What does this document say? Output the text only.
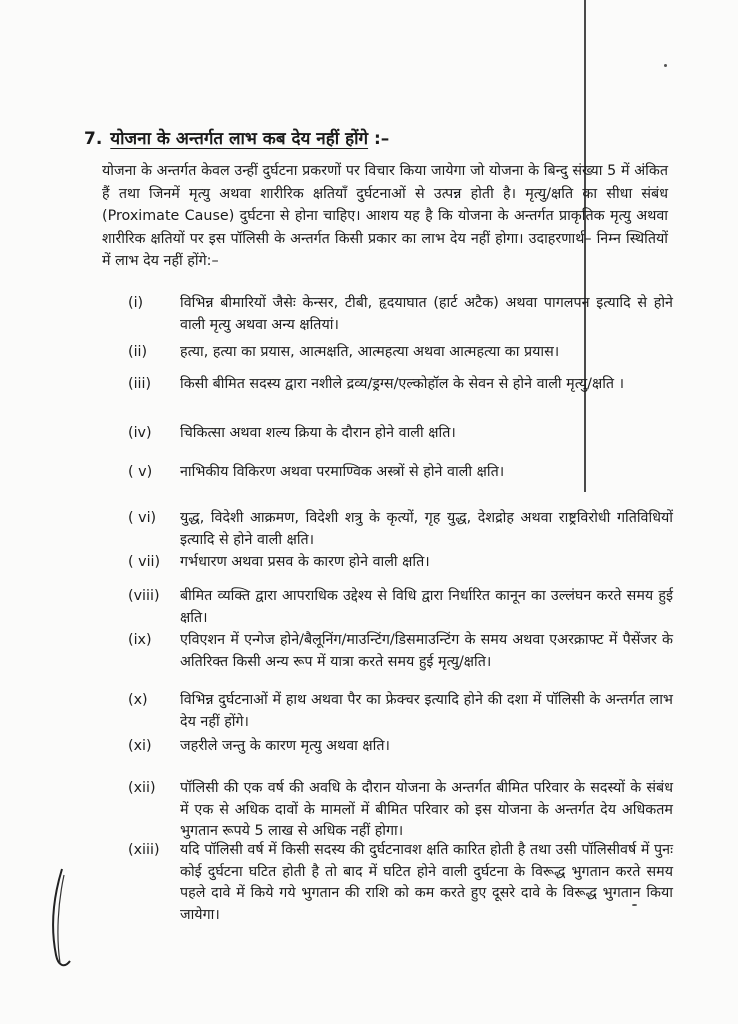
7. योजना के अन्तर्गत लाभ कब देय नहीं होंगे :–
योजना के अन्तर्गत केवल उन्हीं दुर्घटना प्रकरणों पर विचार किया जायेगा जो योजना के बिन्दु संख्या 5 में अंकित हैं तथा जिनमें मृत्यु अथवा शारीरिक क्षतियाँ दुर्घटनाओं से उत्पन्न होती है। मृत्यु/क्षति का सीधा संबंध (Proximate Cause) दुर्घटना से होना चाहिए। आशय यह है कि योजना के अन्तर्गत प्राकृतिक मृत्यु अथवा शारीरिक क्षतियों पर इस पॉलिसी के अन्तर्गत किसी प्रकार का लाभ देय नहीं होगा। उदाहरणार्थ– निम्न स्थितियों में लाभ देय नहीं होंगे:–
(i)	विभिन्न बीमारियों जैसेः केन्सर, टीबी, हृदयाघात (हार्ट अटैक) अथवा पागलपन इत्यादि से होने वाली मृत्यु अथवा अन्य क्षतियां।
(ii)	हत्या, हत्या का प्रयास, आत्मक्षति, आत्महत्या अथवा आत्महत्या का प्रयास।
(iii)	किसी बीमित सदस्य द्वारा नशीले द्रव्य/ड्रग्स/एल्कोहॉल के सेवन से होने वाली मृत्यु/क्षति ।
(iv)	चिकित्सा अथवा शल्य क्रिया के दौरान होने वाली क्षति।
( v)	नाभिकीय विकिरण अथवा परमाण्विक अस्त्रों से होने वाली क्षति।
( vi)	युद्ध, विदेशी आक्रमण, विदेशी शत्रु के कृत्यों, गृह युद्ध, देशद्रोह अथवा राष्ट्रविरोधी गतिविधियों इत्यादि से होने वाली क्षति।
( vii)	गर्भधारण अथवा प्रसव के कारण होने वाली क्षति।
(viii)	बीमित व्यक्ति द्वारा आपराधिक उद्देश्य से विधि द्वारा निर्धारित कानून का उल्लंघन करते समय हुई क्षति।
(ix)	एविएशन में एन्गेज होने/बैलूनिंग/माउन्टिंग/डिसमाउन्टिंग के समय अथवा एअरक्राफ्ट में पैसेंजर के अतिरिक्त किसी अन्य रूप में यात्रा करते समय हुई मृत्यु/क्षति।
(x)	विभिन्न दुर्घटनाओं में हाथ अथवा पैर का फ्रेक्चर इत्यादि होने की दशा में पॉलिसी के अन्तर्गत लाभ देय नहीं होंगे।
(xi)	जहरीले जन्तु के कारण मृत्यु अथवा क्षति।
(xii)	पॉलिसी की एक वर्ष की अवधि के दौरान योजना के अन्तर्गत बीमित परिवार के सदस्यों के संबंध में एक से अधिक दावों के मामलों में बीमित परिवार को इस योजना के अन्तर्गत देय अधिकतम भुगतान रूपये 5 लाख से अधिक नहीं होगा।
(xiii)	यदि पॉलिसी वर्ष में किसी सदस्य की दुर्घटनावश क्षति कारित होती है तथा उसी पॉलिसीवर्ष में पुनः कोई दुर्घटना घटित होती है तो बाद में घटित होने वाली दुर्घटना के विरूद्ध भुगतान करते समय पहले दावे में किये गये भुगतान की राशि को कम करते हुए दूसरे दावे के विरूद्ध भुगतान किया जायेगा।
